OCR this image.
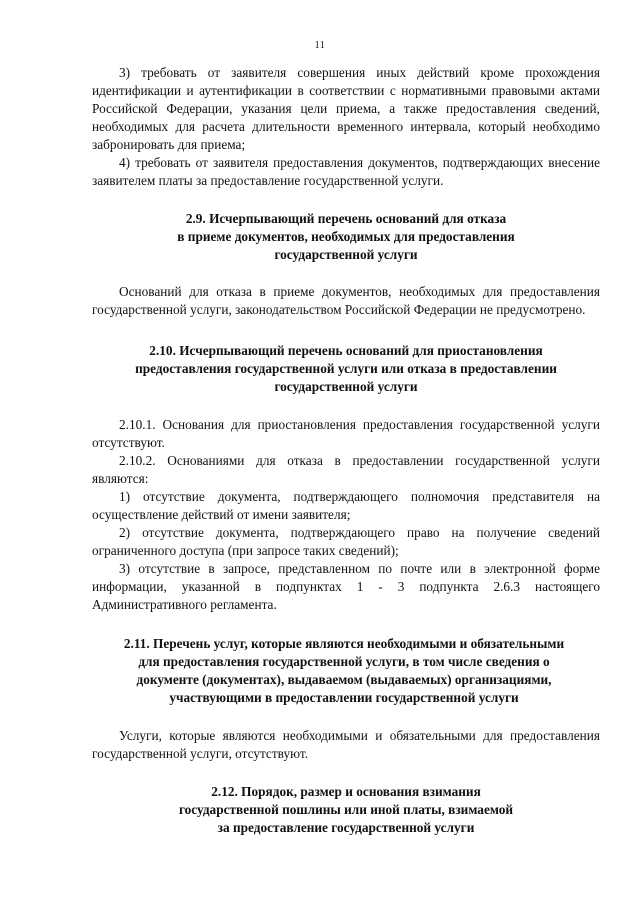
11

3) требовать от заявителя совершения иных действий кроме прохождения идентификации и аутентификации в соответствии с нормативными правовыми актами Российской Федерации, указания цели приема, а также предоставления сведений, необходимых для расчета длительности временного интервала, который необходимо забронировать для приема;

4) требовать от заявителя предоставления документов, подтверждающих внесение заявителем платы за предоставление государственной услуги.

2.9. Исчерпывающий перечень оснований для отказа
в приеме документов, необходимых для предоставления
государственной услуги

Оснований для отказа в приеме документов, необходимых для предоставления государственной услуги, законодательством Российской Федерации не предусмотрено.

2.10. Исчерпывающий перечень оснований для приостановления
предоставления государственной услуги или отказа в предоставлении
государственной услуги

2.10.1. Основания для приостановления предоставления государственной услуги отсутствуют.

2.10.2. Основаниями для отказа в предоставлении государственной услуги являются:

1) отсутствие документа, подтверждающего полномочия представителя на осуществление действий от имени заявителя;

2) отсутствие документа, подтверждающего право на получение сведений ограниченного доступа (при запросе таких сведений);

3) отсутствие в запросе, представленном по почте или в электронной форме информации, указанной в подпунктах 1 - 3 подпункта 2.6.3 настоящего Административного регламента.

2.11. Перечень услуг, которые являются необходимыми и обязательными
для предоставления государственной услуги, в том числе сведения о
документе (документах), выдаваемом (выдаваемых) организациями,
участвующими в предоставлении государственной услуги

Услуги, которые являются необходимыми и обязательными для предоставления государственной услуги, отсутствуют.

2.12. Порядок, размер и основания взимания
государственной пошлины или иной платы, взимаемой
за предоставление государственной услуги
